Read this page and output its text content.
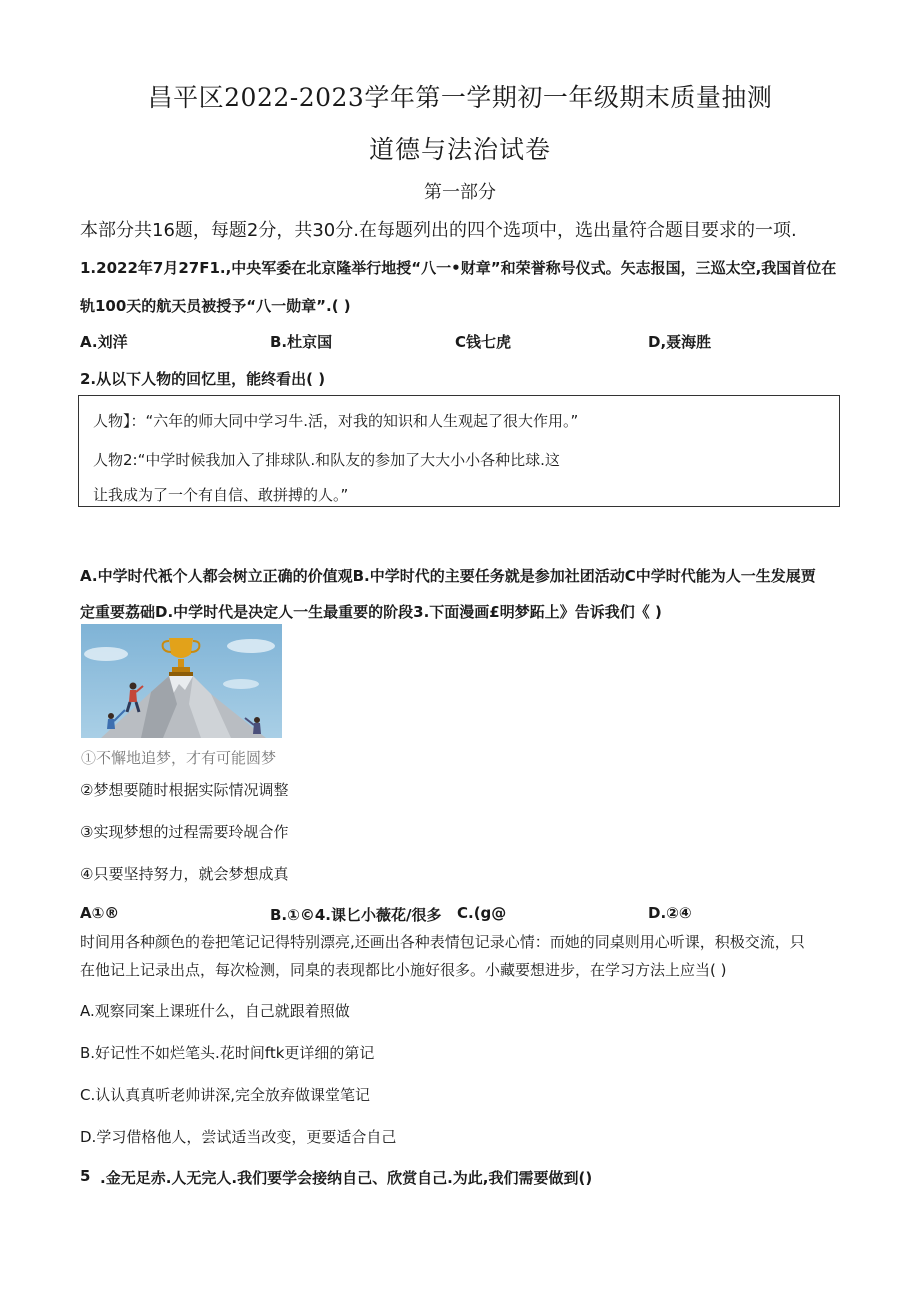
昌平区2022-2023学年第一学期初一年级期末质量抽测
道德与法治试卷
第一部分
本部分共16题，每题2分，共30分.在每题列出的四个选项中，选出量符合题目要求的一项.
1.2022年7月27F1.,中央军委在北京隆举行地授“八一•财章”和荣誉称号仪式。矢志报国，三巡太空,我国首位在
轨100天的航天员被授予“八一勋章”.( )
A.刘洋	B.杜京国	C钱七虎	D,聂海胜
2.从以下人物的回忆里，能终看出( )
人物】：“六年的师大同中学习牛.活，对我的知识和人生观起了很大作用。”
人物2:“中学时候我加入了排球队.和队友的参加了大大小小各种比球.这
让我成为了一个有自信、敢拼搏的人。”
A.中学时代衹个人都会树立正确的价值观B.中学时代的主要任务就是参加社团活动C中学时代能为人一生发展贾
定重要荔础D.中学时代是决定人一生最重要的阶段3.下面漫画£明梦跖上》告诉我们《 )
①不懈地追梦，才有可能圆梦
②梦想要随时根据实际情况调整
③实现梦想的过程需要玲觇合作
④只要坚持努力，就会梦想成真
A①®	B.①©4.课匕小薇花/很多 C.(g@	D.②④
时间用各种颜色的卷把笔记记得特别漂亮,还画出各种表情包记录心情：而她的同桌则用心听课，积极交流，只
在他记上记录出点，每次检测，同臬的表现都比小施好很多。小藏要想进步，在学习方法上应当( )
A.观察同案上课班什么，自己就跟着照做
B.好记性不如烂笔头.花时间ftk更详细的第记
C.认认真真听老帅讲深,完全放弃做课堂笔记
D.学习借格他人，尝试适当改变，更要适合自己
5 .金无足赤.人无完人.我们要学会接纳自己、欣赏自己.为此,我们需要做到()
